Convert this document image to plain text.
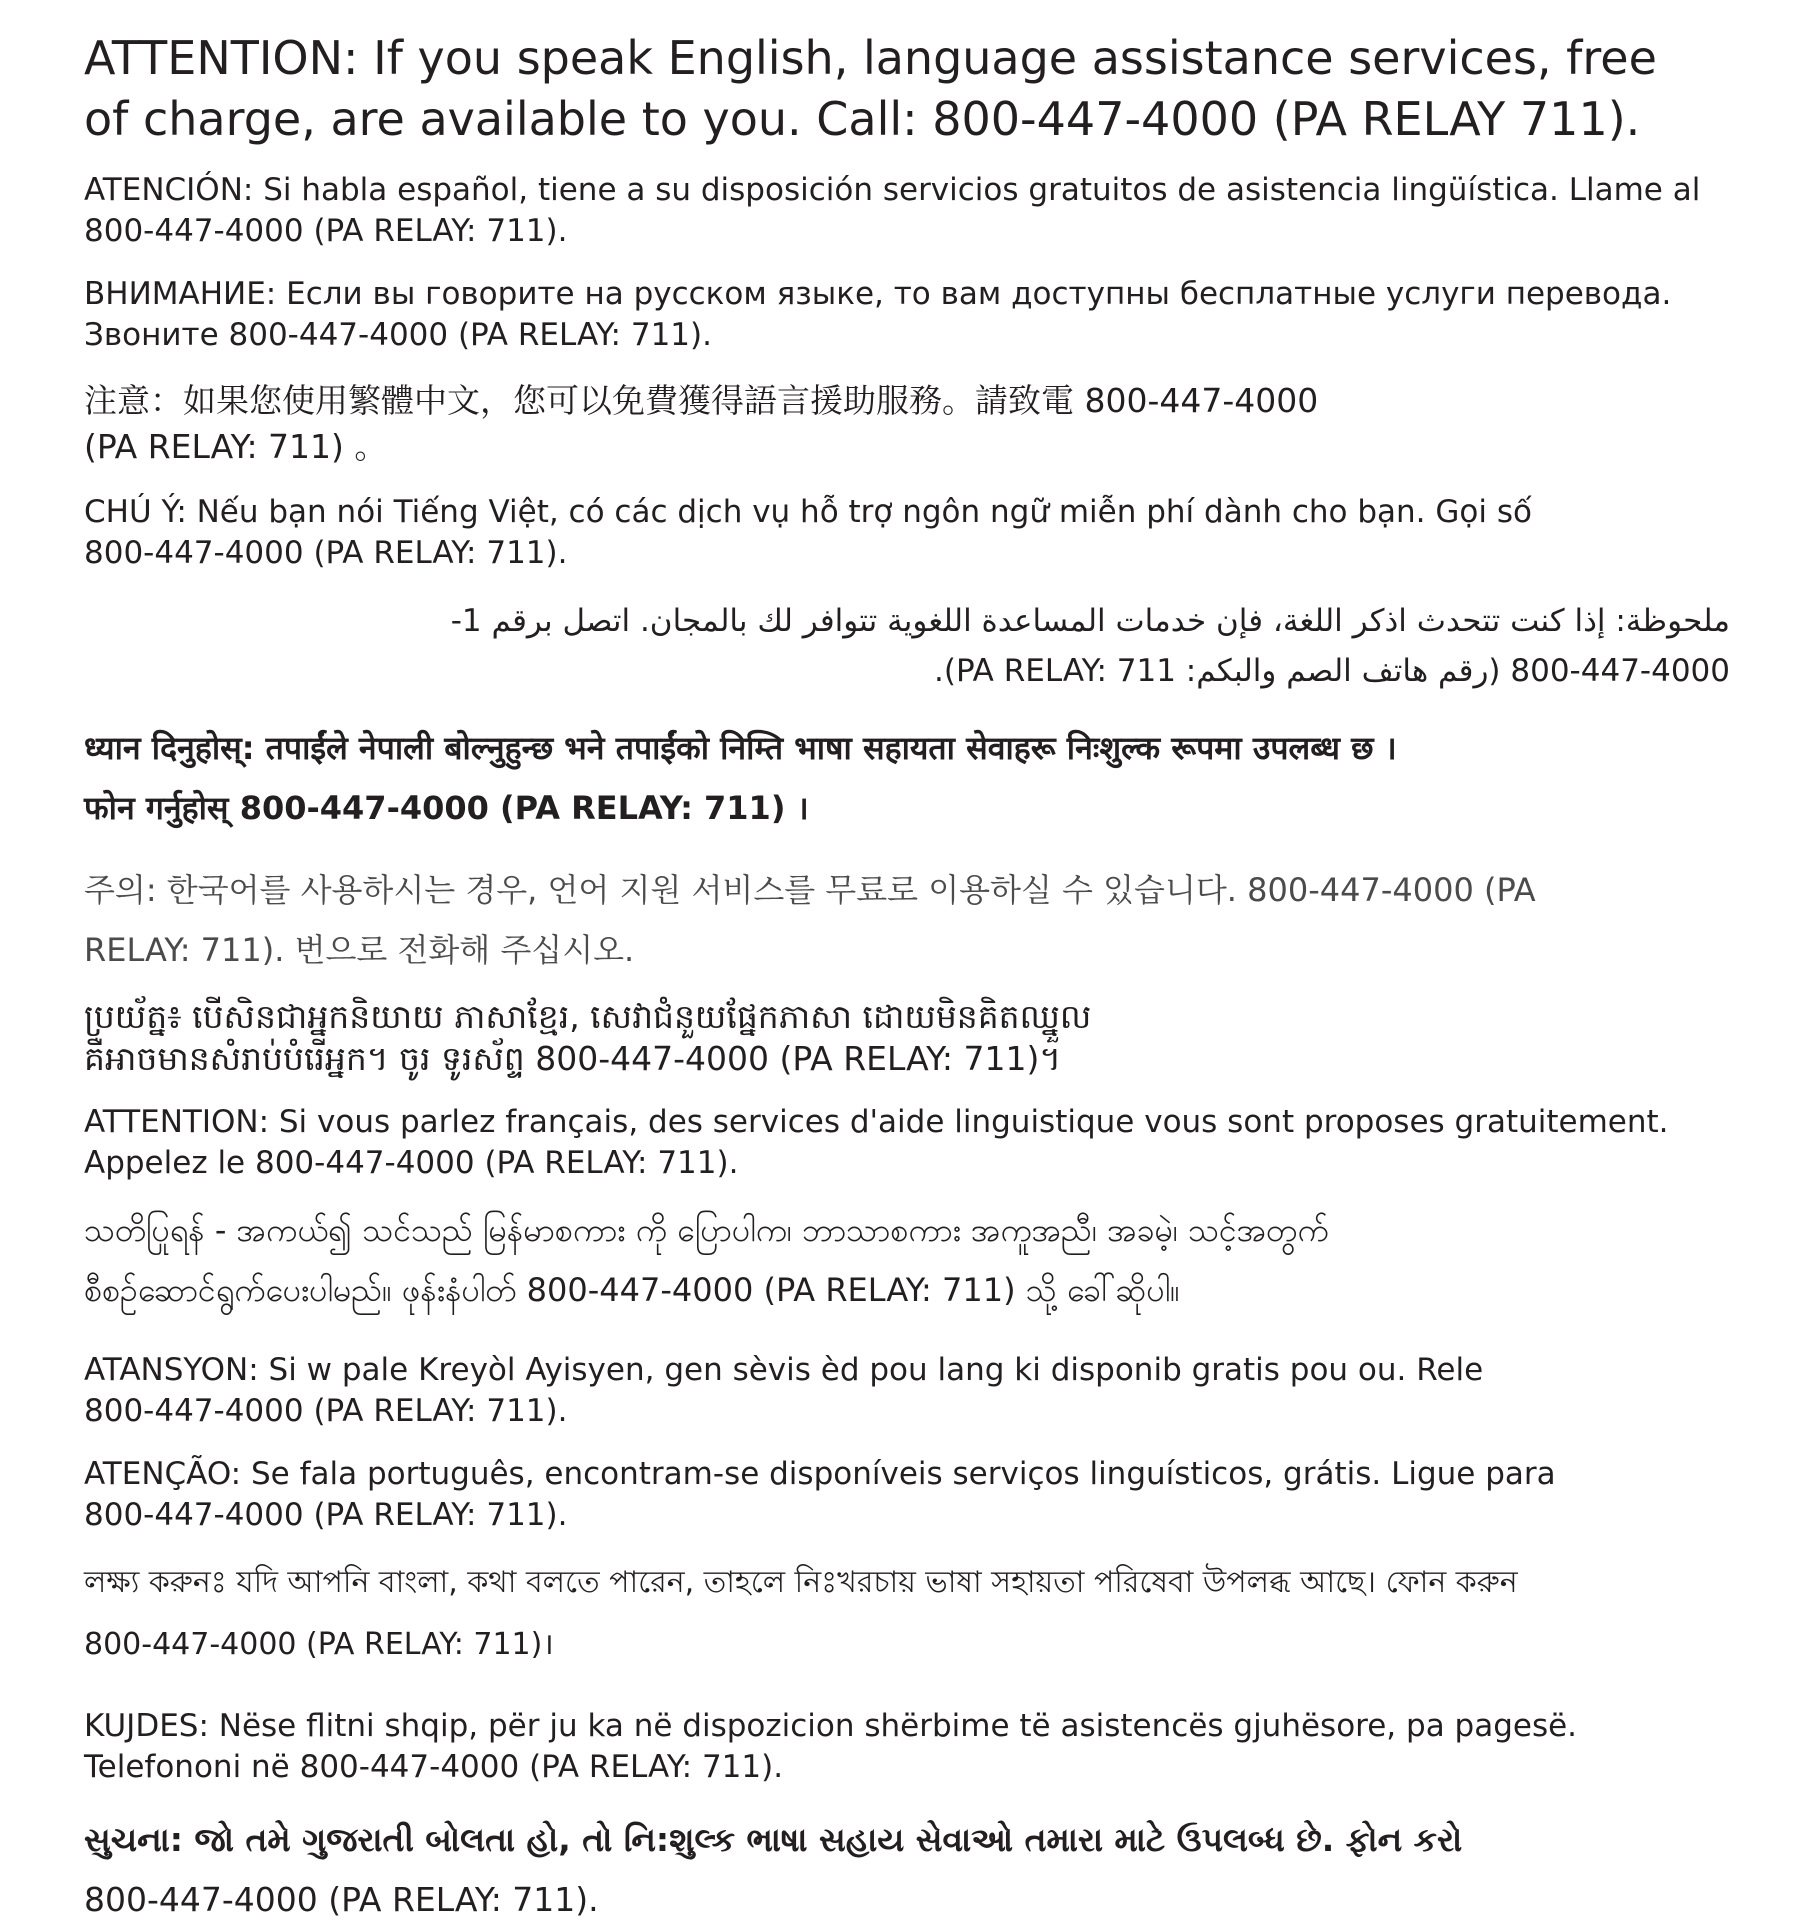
ATTENTION: If you speak English, language assistance services, free

of charge, are available to you. Call: 800-447-4000 (PA RELAY 711).

ATENCIÓN: Si habla español, tiene a su disposición servicios gratuitos de asistencia lingüística. Llame al

800-447-4000 (PA RELAY: 711).

ВНИМАНИЕ: Если вы говорите на русском языке, то вам доступны бесплатные услуги перевода.

Звоните 800-447-4000 (PA RELAY: 711).

注意：如果您使用繁體中文，您可以免費獲得語言援助服務。請致電 800-447-4000

(PA RELAY: 711) 。

CHÚ Ý: Nếu bạn nói Tiếng Việt, có các dịch vụ hỗ trợ ngôn ngữ miễn phí dành cho bạn. Gọi số

800-447-4000 (PA RELAY: 711).

ملحوظة: إذا كنت تتحدث اذكر اللغة، فإن خدمات المساعدة اللغوية تتوافر لك بالمجان. اتصل برقم 1-

800-447-4000 (رقم هاتف الصم والبكم: PA RELAY: 711).

ध्यान दिनुहोस्: तपाईंले नेपाली बोल्नुहुन्छ भने तपाईंको निम्ति भाषा सहायता सेवाहरू निःशुल्क रूपमा उपलब्ध छ ।

फोन गर्नुहोस् 800-447-4000 (PA RELAY: 711) ।

주의: 한국어를 사용하시는 경우, 언어 지원 서비스를 무료로 이용하실 수 있습니다. 800-447-4000 (PA

RELAY: 711). 번으로 전화해 주십시오.

ប្រយ័ត្ន៖ បើសិនជាអ្នកនិយាយ ភាសាខ្មែរ, សេវាជំនួយផ្នែកភាសា ដោយមិនគិតឈ្នួល

គឺអាចមានសំរាប់បំរើអ្នក។ ចូរ ទូរស័ព្ទ 800-447-4000 (PA RELAY: 711)។

ATTENTION: Si vous parlez français, des services d'aide linguistique vous sont proposes gratuitement.

Appelez le 800-447-4000 (PA RELAY: 711).

သတိပြုရန် - အကယ်၍ သင်သည် မြန်မာစကား ကို ပြောပါက၊ ဘာသာစကား အကူအညီ၊ အခမဲ့၊ သင့်အတွက်

စီစဉ်ဆောင်ရွက်ပေးပါမည်။ ဖုန်းနံပါတ် 800-447-4000 (PA RELAY: 711) သို့ ခေါ်ဆိုပါ။

ATANSYON: Si w pale Kreyòl Ayisyen, gen sèvis èd pou lang ki disponib gratis pou ou. Rele

800-447-4000 (PA RELAY: 711).

ATENÇÃO: Se fala português, encontram-se disponíveis serviços linguísticos, grátis. Ligue para

800-447-4000 (PA RELAY: 711).

লক্ষ্য করুনঃ যদি আপনি বাংলা, কথা বলতে পারেন, তাহলে নিঃখরচায় ভাষা সহায়তা পরিষেবা উপলব্ধ আছে। ফোন করুন

800-447-4000 (PA RELAY: 711)।

KUJDES: Nëse flitni shqip, për ju ka në dispozicion shërbime të asistencës gjuhësore, pa pagesë.

Telefononi në 800-447-4000 (PA RELAY: 711).

સુચના: જો તમે ગુજરાતી બોલતા હો, તો નિ:શુલ્ક ભાષા સહાય સેવાઓ તમારા માટે ઉપલબ્ધ છે. ફોન કરો

800-447-4000 (PA RELAY: 711).
